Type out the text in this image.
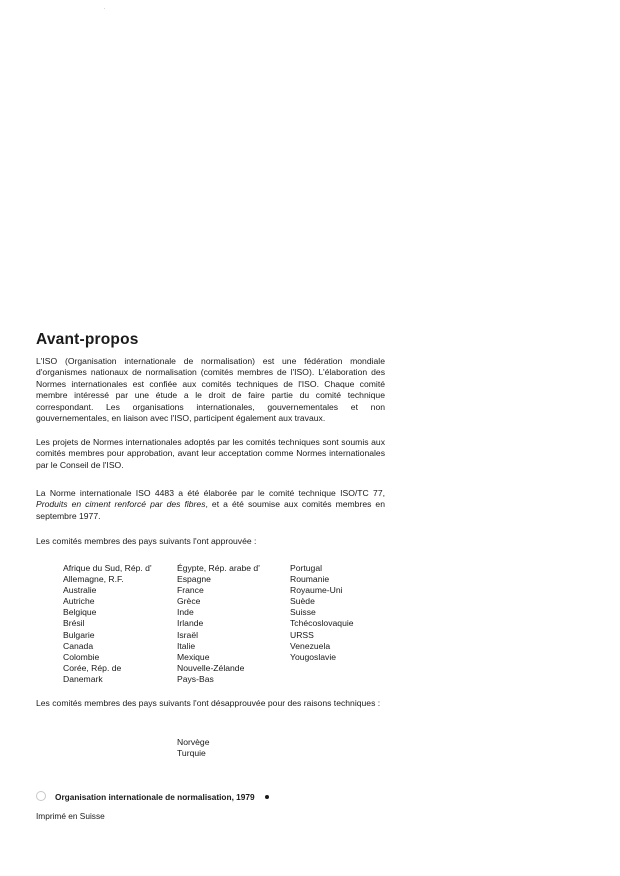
Avant-propos

L'ISO (Organisation internationale de normalisation) est une fédération mondiale d'organismes nationaux de normalisation (comités membres de l'ISO). L'élaboration des Normes internationales est confiée aux comités techniques de l'ISO. Chaque comité membre intéressé par une étude a le droit de faire partie du comité technique correspondant. Les organisations internationales, gouvernementales et non gouvernementales, en liaison avec l'ISO, participent également aux travaux.

Les projets de Normes internationales adoptés par les comités techniques sont soumis aux comités membres pour approbation, avant leur acceptation comme Normes internationales par le Conseil de l'ISO.

La Norme internationale ISO 4483 a été élaborée par le comité technique ISO/TC 77, Produits en ciment renforcé par des fibres, et a été soumise aux comités membres en septembre 1977.

Les comités membres des pays suivants l'ont approuvée :

Afrique du Sud, Rép. d'
Allemagne, R.F.
Australie
Autriche
Belgique
Brésil
Bulgarie
Canada
Colombie
Corée, Rép. de
Danemark
Égypte, Rép. arabe d'
Espagne
France
Grèce
Inde
Irlande
Israël
Italie
Mexique
Nouvelle-Zélande
Pays-Bas
Portugal
Roumanie
Royaume-Uni
Suède
Suisse
Tchécoslovaquie
URSS
Venezuela
Yougoslavie

Les comités membres des pays suivants l'ont désapprouvée pour des raisons techniques :

Norvège
Turquie
Organisation internationale de normalisation, 1979

Imprimé en Suisse
